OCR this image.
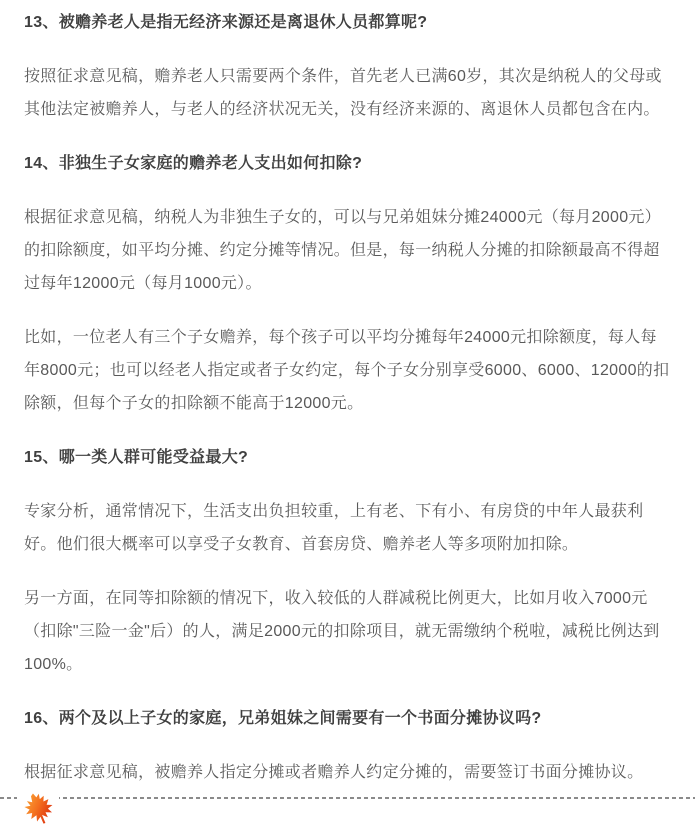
13、被赡养老人是指无经济来源还是离退休人员都算呢?
按照征求意见稿，赡养老人只需要两个条件，首先老人已满60岁，其次是纳税人的父母或其他法定被赡养人，与老人的经济状况无关，没有经济来源的、离退休人员都包含在内。
14、非独生子女家庭的赡养老人支出如何扣除?
根据征求意见稿，纳税人为非独生子女的，可以与兄弟姐妹分摊24000元（每月2000元）的扣除额度，如平均分摊、约定分摊等情况。但是，每一纳税人分摊的扣除额最高不得超过每年12000元（每月1000元）。
比如，一位老人有三个子女赡养，每个孩子可以平均分摊每年24000元扣除额度，每人每年8000元；也可以经老人指定或者子女约定，每个子女分别享受6000、6000、12000的扣除额，但每个子女的扣除额不能高于12000元。
15、哪一类人群可能受益最大?
专家分析，通常情况下，生活支出负担较重，上有老、下有小、有房贷的中年人最获利好。他们很大概率可以享受子女教育、首套房贷、赡养老人等多项附加扣除。
另一方面，在同等扣除额的情况下，收入较低的人群减税比例更大，比如月收入7000元（扣除"三险一金"后）的人，满足2000元的扣除项目，就无需缴纳个税啦，减税比例达到100%。
16、两个及以上子女的家庭，兄弟姐妹之间需要有一个书面分摊协议吗?
根据征求意见稿，被赡养人指定分摊或者赡养人约定分摊的，需要签订书面分摊协议。
